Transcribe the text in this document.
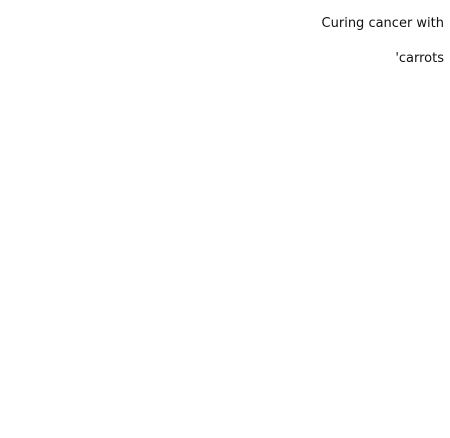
Curing cancer with

'carrots
